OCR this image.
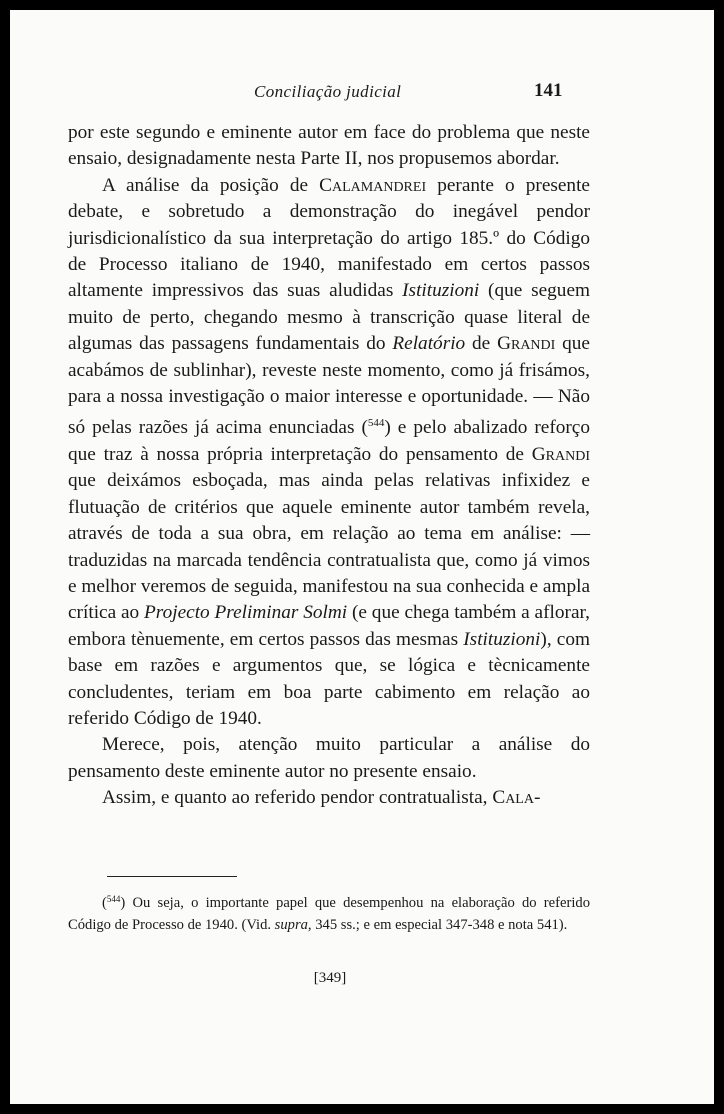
Conciliação judicial	141

por este segundo e eminente autor em face do problema que neste ensaio, designadamente nesta Parte II, nos propusemos abordar.

A análise da posição de Calamandrei perante o presente debate, e sobretudo a demonstração do inegável pendor jurisdicionalístico da sua interpretação do artigo 185.º do Código de Processo italiano de 1940, manifestado em certos passos altamente impressivos das suas aludidas Istituzioni (que seguem muito de perto, chegando mesmo à transcrição quase literal de algumas das passagens fundamentais do Relatório de Grandi que acabámos de sublinhar), reveste neste momento, como já frisámos, para a nossa investigação o maior interesse e oportunidade. — Não só pelas razões já acima enunciadas ($^{544}$) e pelo abalizado reforço que traz à nossa própria interpretação do pensamento de Grandi que deixámos esboçada, mas ainda pelas relativas infixidez e flutuação de critérios que aquele eminente autor também revela, através de toda a sua obra, em relação ao tema em análise: — traduzidas na marcada tendência contratualista que, como já vimos e melhor veremos de seguida, manifestou na sua conhecida e ampla crítica ao Projecto Preliminar Solmi (e que chega também a aflorar, embora tènuemente, em certos passos das mesmas Istituzioni), com base em razões e argumentos que, se lógica e tècnicamente concludentes, teriam em boa parte cabimento em relação ao referido Código de 1940.

Merece, pois, atenção muito particular a análise do pensamento deste eminente autor no presente ensaio.

Assim, e quanto ao referido pendor contratualista, Cala-

($^{544}$) Ou seja, o importante papel que desempenhou na elaboração do referido Código de Processo de 1940. (Vid. supra, 345 ss.; e em especial 347-348 e nota 541).
[349]
